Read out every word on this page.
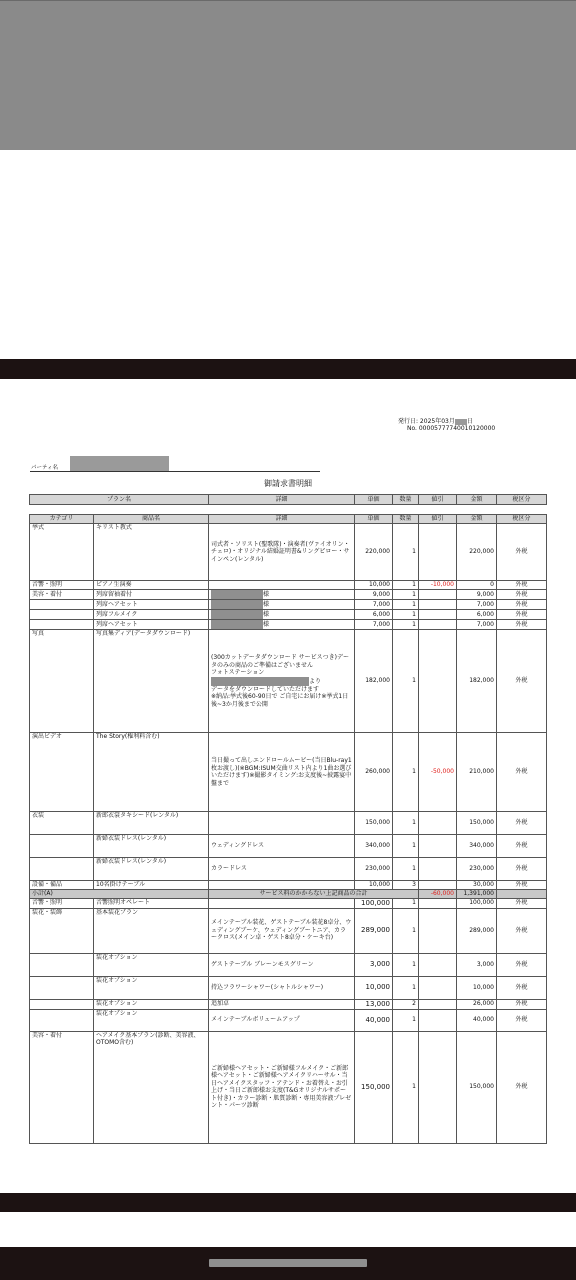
発行日: 2025年03月 日
No. 00005777740010120000
パーティ名
御請求書明細
プラン名	詳細	単価	数量	値引	金額	税区分
カテゴリ	商品名	詳細	単価	数量	値引	金額	税区分
挙式	キリスト教式	司式者・ソリスト(聖歌隊)・演奏者(ヴァイオリン・チェロ)・オリジナル結婚証明書&リングピロー・サインペン(レンタル)	220,000	1		220,000	外税
音響・照明	ピアノ生演奏		10,000	1	-10,000	0	外税
美容・着付	列席留袖着付	様	9,000	1		9,000	外税
	列席ヘアセット	様	7,000	1		7,000	外税
	列席フルメイク	様	6,000	1		6,000	外税
	列席ヘアセット	様	7,000	1		7,000	外税
写真	写真集ディア(データダウンロード)	(300カットデータダウンロード サービスつき)データのみの商品のご準備はございません
フォトステーションより
データをダウンロードしていただけます
※納品:挙式後60-90日で ご自宅にお届け※挙式1日後~3か月後まで公開	182,000	1		182,000	外税
演出ビデオ	The Story(権利料含む)	当日撮って出しエンドロールムービー(当日Blu-ray1枚お渡し)(※BGM:ISUM交曲リスト内より1曲お選びいただけます)※撮影タイミング:お支度後~披露宴中盤まで	260,000	1	-50,000	210,000	外税
衣装	新郎衣裳タキシード(レンタル)		150,000	1		150,000	外税
	新婦衣装ドレス(レンタル)	ウェディングドレス	340,000	1		340,000	外税
	新婦衣装ドレス(レンタル)	カラードレス	230,000	1		230,000	外税
設備・備品	10名掛けテーブル		10,000	3		30,000	外税
小計(A)		サービス料のかからない上記商品の合計			-60,000	1,391,000	
音響・照明	音響照明オペレート		100,000	1		100,000	外税
装花・装飾	基本装花プラン	メインテーブル装花、ゲストテーブル装花8卓分、ウェディングブーケ、ウェディングブートニア、カラークロス(メイン卓・ゲスト8卓分・ケーキ台)	289,000	1		289,000	外税
	装花オプション	ゲストテーブル ブレーンモスグリーン	3,000	1		3,000	外税
	装花オプション	持込フラワーシャワー(シャトルシャワー)	10,000	1		10,000	外税
	装花オプション	追加卓	13,000	2		26,000	外税
	装花オプション	メインテーブルボリュームアップ	40,000	1		40,000	外税
美容・着付	ヘアメイク基本プラン(診断、美容液、OTOMO含む)	ご新婦様ヘアセット・ご新婦様フルメイク・ご新郎様ヘアセット・ご新婦様ヘアメイクリハーサル・当日ヘアメイクスタッフ・アテンド・お着替え・お引上げ・当日ご新郎様お支度(T&Gオリジナルサポート付き)・カラー診断・肌質診断・専用美容液プレゼント・パーツ診断	150,000	1		150,000	外税
